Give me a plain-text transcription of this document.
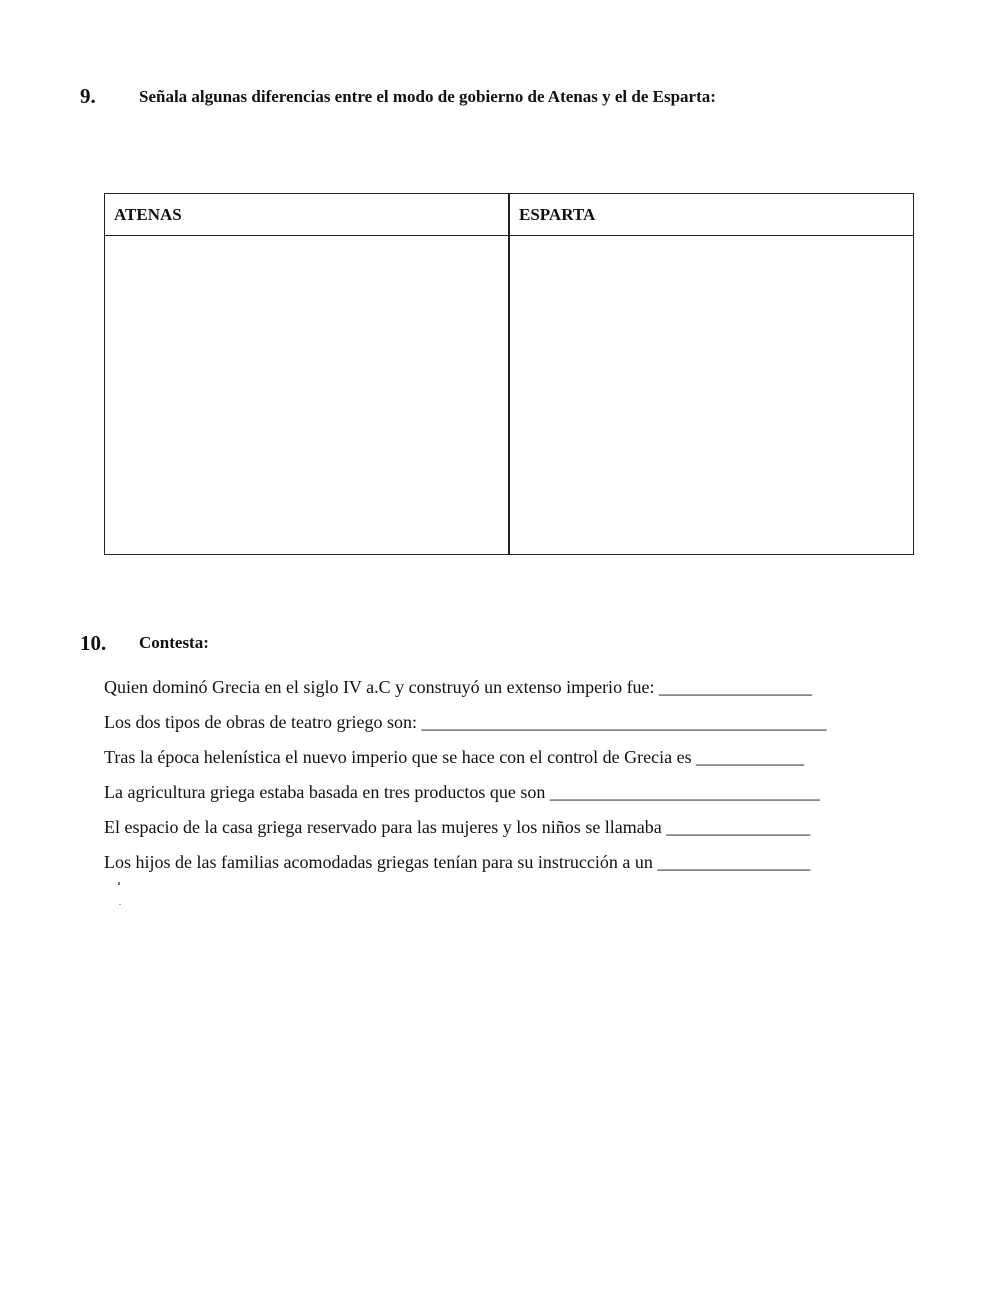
9.	Señala algunas diferencias entre el modo de gobierno de Atenas y el de Esparta:
ATENAS	ESPARTA

10. Contesta:
Quien dominó Grecia en el siglo IV a.C y construyó un extenso imperio fue: _________________
Los dos tipos de obras de teatro griego son: _____________________________________________
Tras la época helenística el nuevo imperio que se hace con el control de Grecia es ____________
La agricultura griega estaba basada en tres productos que son ______________________________
El espacio de la casa griega reservado para las mujeres y los niños se llamaba ________________
Los hijos de las familias acomodadas griegas tenían para su instrucción a un _________________
